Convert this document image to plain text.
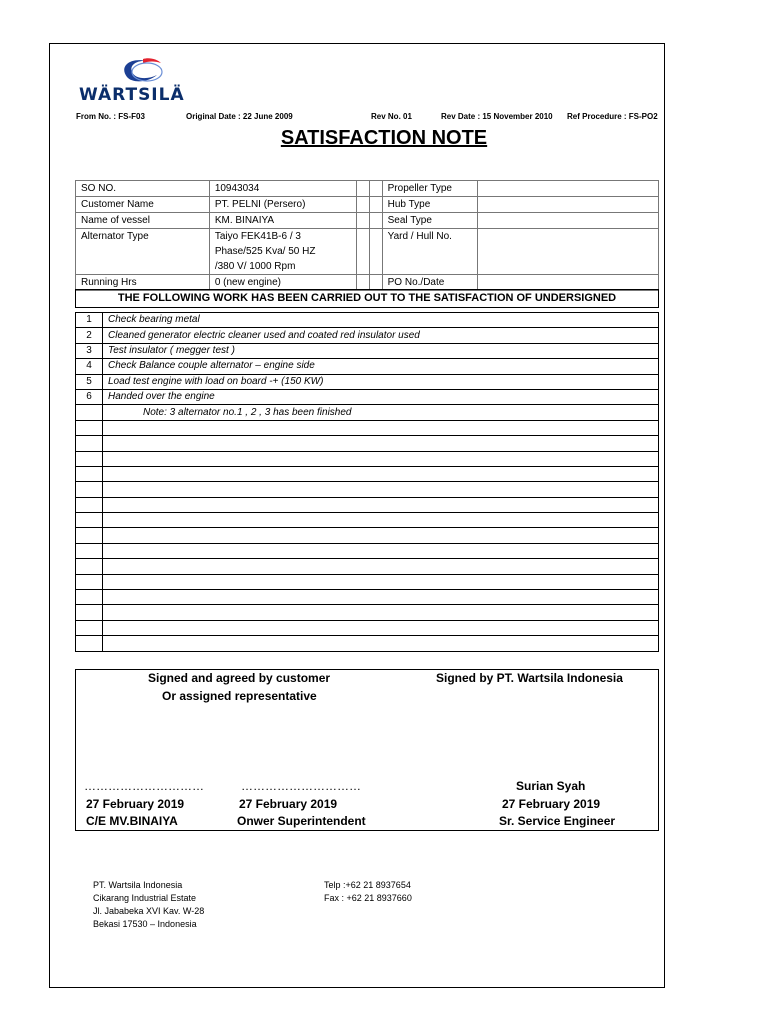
WÄRTSILÄ
From No. : FS-F03	Original Date : 22 June 2009	Rev No. 01	Rev Date : 15 November 2010 Ref Procedure : FS-PO2
SATISFACTION NOTE
SO NO.	10943034			Propeller Type	
Customer Name	PT. PELNI (Persero)			Hub Type	
Name of vessel	KM. BINAIYA			Seal Type	
Alternator Type	Taiyo FEK41B-6 / 3
Phase/525 Kva/ 50 HZ
/380 V/ 1000 Rpm			Yard / Hull No.	
Running Hrs	0 (new engine)			PO No./Date	
THE FOLLOWING WORK HAS BEEN CARRIED OUT TO THE SATISFACTION OF UNDERSIGNED
1	Check bearing metal
2	Cleaned generator electric cleaner used and coated red insulator used
3	Test insulator ( megger test )
4	Check Balance couple alternator – engine side
5	Load test engine with load on board -+ (150 KW)
6	Handed over the engine
	Note: 3 alternator no.1 , 2 , 3 has been finished

Signed and agreed by customer
Or assigned representative
Signed by PT. Wartsila Indonesia
…………………………	…………………………	Surian Syah
27 February 2019	27 February 2019	27 February 2019
C/E MV.BINAIYA	Onwer Superintendent	Sr. Service Engineer
PT. Wartsila Indonesia
Cikarang Industrial Estate
Jl. Jababeka XVI Kav. W-28
Bekasi 17530 – Indonesia
Telp :+62 21 8937654
Fax : +62 21 8937660
